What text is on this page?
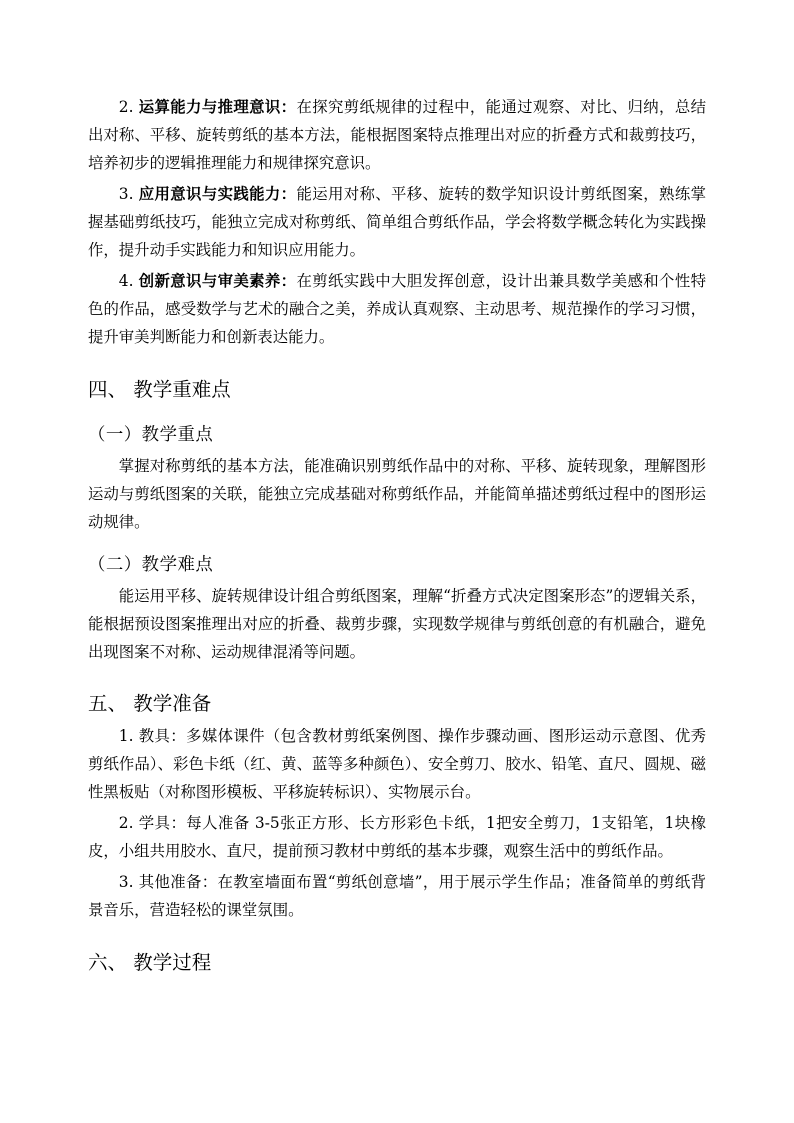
2. 运算能力与推理意识：在探究剪纸规律的过程中，能通过观察、对比、归纳，总结出对称、平移、旋转剪纸的基本方法，能根据图案特点推理出对应的折叠方式和裁剪技巧，培养初步的逻辑推理能力和规律探究意识。

3. 应用意识与实践能力：能运用对称、平移、旋转的数学知识设计剪纸图案，熟练掌握基础剪纸技巧，能独立完成对称剪纸、简单组合剪纸作品，学会将数学概念转化为实践操作，提升动手实践能力和知识应用能力。

4. 创新意识与审美素养：在剪纸实践中大胆发挥创意，设计出兼具数学美感和个性特色的作品，感受数学与艺术的融合之美，养成认真观察、主动思考、规范操作的学习习惯，提升审美判断能力和创新表达能力。

四、 教学重难点
（一）教学重点

掌握对称剪纸的基本方法，能准确识别剪纸作品中的对称、平移、旋转现象，理解图形运动与剪纸图案的关联，能独立完成基础对称剪纸作品，并能简单描述剪纸过程中的图形运动规律。

（二）教学难点

能运用平移、旋转规律设计组合剪纸图案，理解“折叠方式决定图案形态”的逻辑关系，能根据预设图案推理出对应的折叠、裁剪步骤，实现数学规律与剪纸创意的有机融合，避免出现图案不对称、运动规律混淆等问题。

五、 教学准备

1. 教具：多媒体课件（包含教材剪纸案例图、操作步骤动画、图形运动示意图、优秀剪纸作品）、彩色卡纸（红、黄、蓝等多种颜色）、安全剪刀、胶水、铅笔、直尺、圆规、磁性黑板贴（对称图形模板、平移旋转标识）、实物展示台。

2. 学具：每人准备 3-5张正方形、长方形彩色卡纸，1把安全剪刀，1支铅笔，1块橡皮，小组共用胶水、直尺，提前预习教材中剪纸的基本步骤，观察生活中的剪纸作品。

3. 其他准备：在教室墙面布置“剪纸创意墙”，用于展示学生作品；准备简单的剪纸背景音乐，营造轻松的课堂氛围。

六、 教学过程
